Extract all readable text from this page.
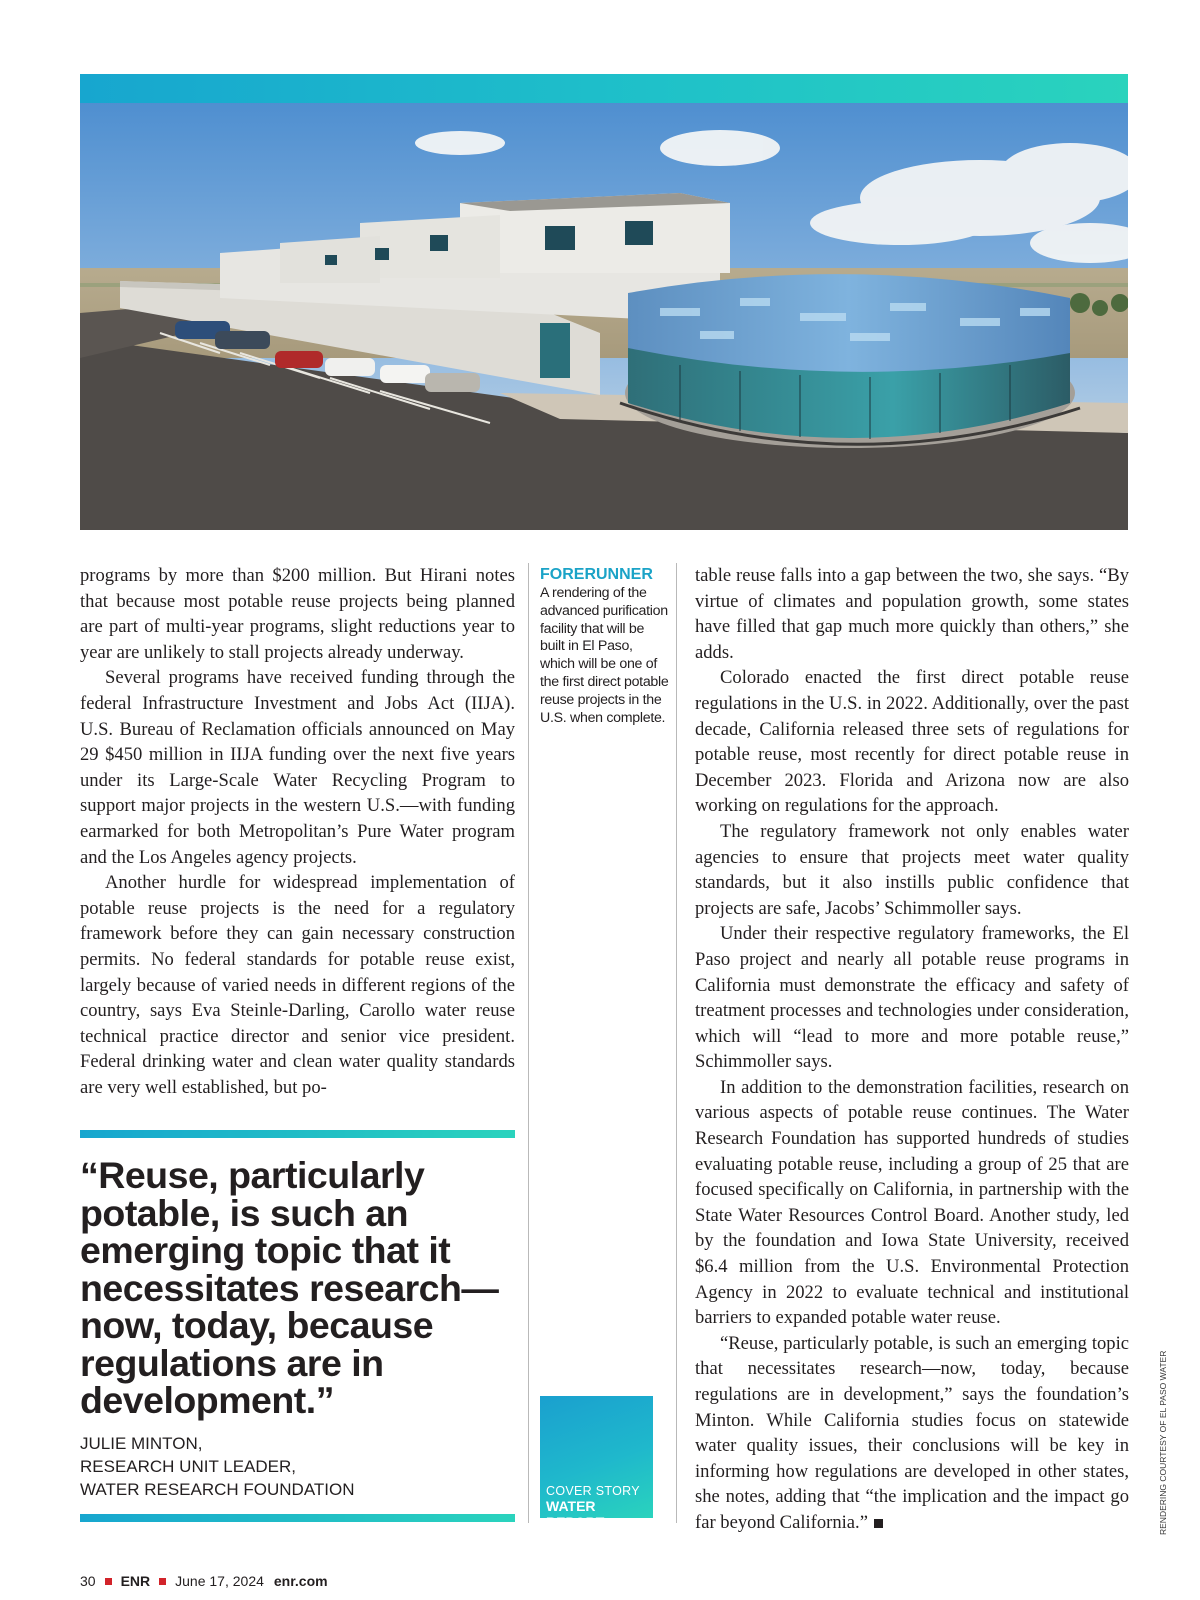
programs by more than $200 million. But Hirani notes that because most potable reuse projects being planned are part of multi-year programs, slight reductions year to year are unlikely to stall projects already underway.

Several programs have received funding through the federal Infrastructure Investment and Jobs Act (IIJA). U.S. Bureau of Reclamation officials announced on May 29 $450 million in IIJA funding over the next five years under its Large-Scale Water Recycling Program to support major projects in the western U.S.—with funding earmarked for both Metropolitan’s Pure Water program and the Los Angeles agency projects.

Another hurdle for widespread implementation of potable reuse projects is the need for a regulatory framework before they can gain necessary construction permits. No federal standards for potable reuse exist, largely because of varied needs in different regions of the country, says Eva Steinle-Darling, Carollo water reuse technical practice director and senior vice president. Federal drinking water and clean water quality standards are very well established, but po-

FORERUNNER
A rendering of the advanced purification facility that will be built in El Paso, which will be one of the first direct potable reuse projects in the U.S. when complete.

table reuse falls into a gap between the two, she says. “By virtue of climates and population growth, some states have filled that gap much more quickly than others,” she adds.

Colorado enacted the first direct potable reuse regulations in the U.S. in 2022. Additionally, over the past decade, California released three sets of regulations for potable reuse, most recently for direct potable reuse in December 2023. Florida and Arizona now are also working on regulations for the approach.

The regulatory framework not only enables water agencies to ensure that projects meet water quality standards, but it also instills public confidence that projects are safe, Jacobs’ Schimmoller says.

Under their respective regulatory frameworks, the El Paso project and nearly all potable reuse programs in California must demonstrate the efficacy and safety of treatment processes and technologies under consideration, which will “lead to more and more potable reuse,” Schimmoller says.

In addition to the demonstration facilities, research on various aspects of potable reuse continues. The Water Research Foundation has supported hundreds of studies evaluating potable reuse, including a group of 25 that are focused specifically on California, in partnership with the State Water Resources Control Board. Another study, led by the foundation and Iowa State University, received $6.4 million from the U.S. Environmental Protection Agency in 2022 to evaluate technical and institutional barriers to expanded potable water reuse.

“Reuse, particularly potable, is such an emerging topic that necessitates research—now, today, because regulations are in development,” says the foundation’s Minton. While California studies focus on statewide water quality issues, their conclusions will be key in informing how regulations are developed in other states, she notes, adding that “the implication and the impact go far beyond California.”

“Reuse, particularly potable, is such an emerging topic that it necessitates research—now, today, because regulations are in development.”
JULIE MINTON,
RESEARCH UNIT LEADER,
WATER RESEARCH FOUNDATION	COVER STORY
WATER REPORT	RENDERING COURTESY OF EL PASO WATER
30 ENR June 17, 2024 enr.com
